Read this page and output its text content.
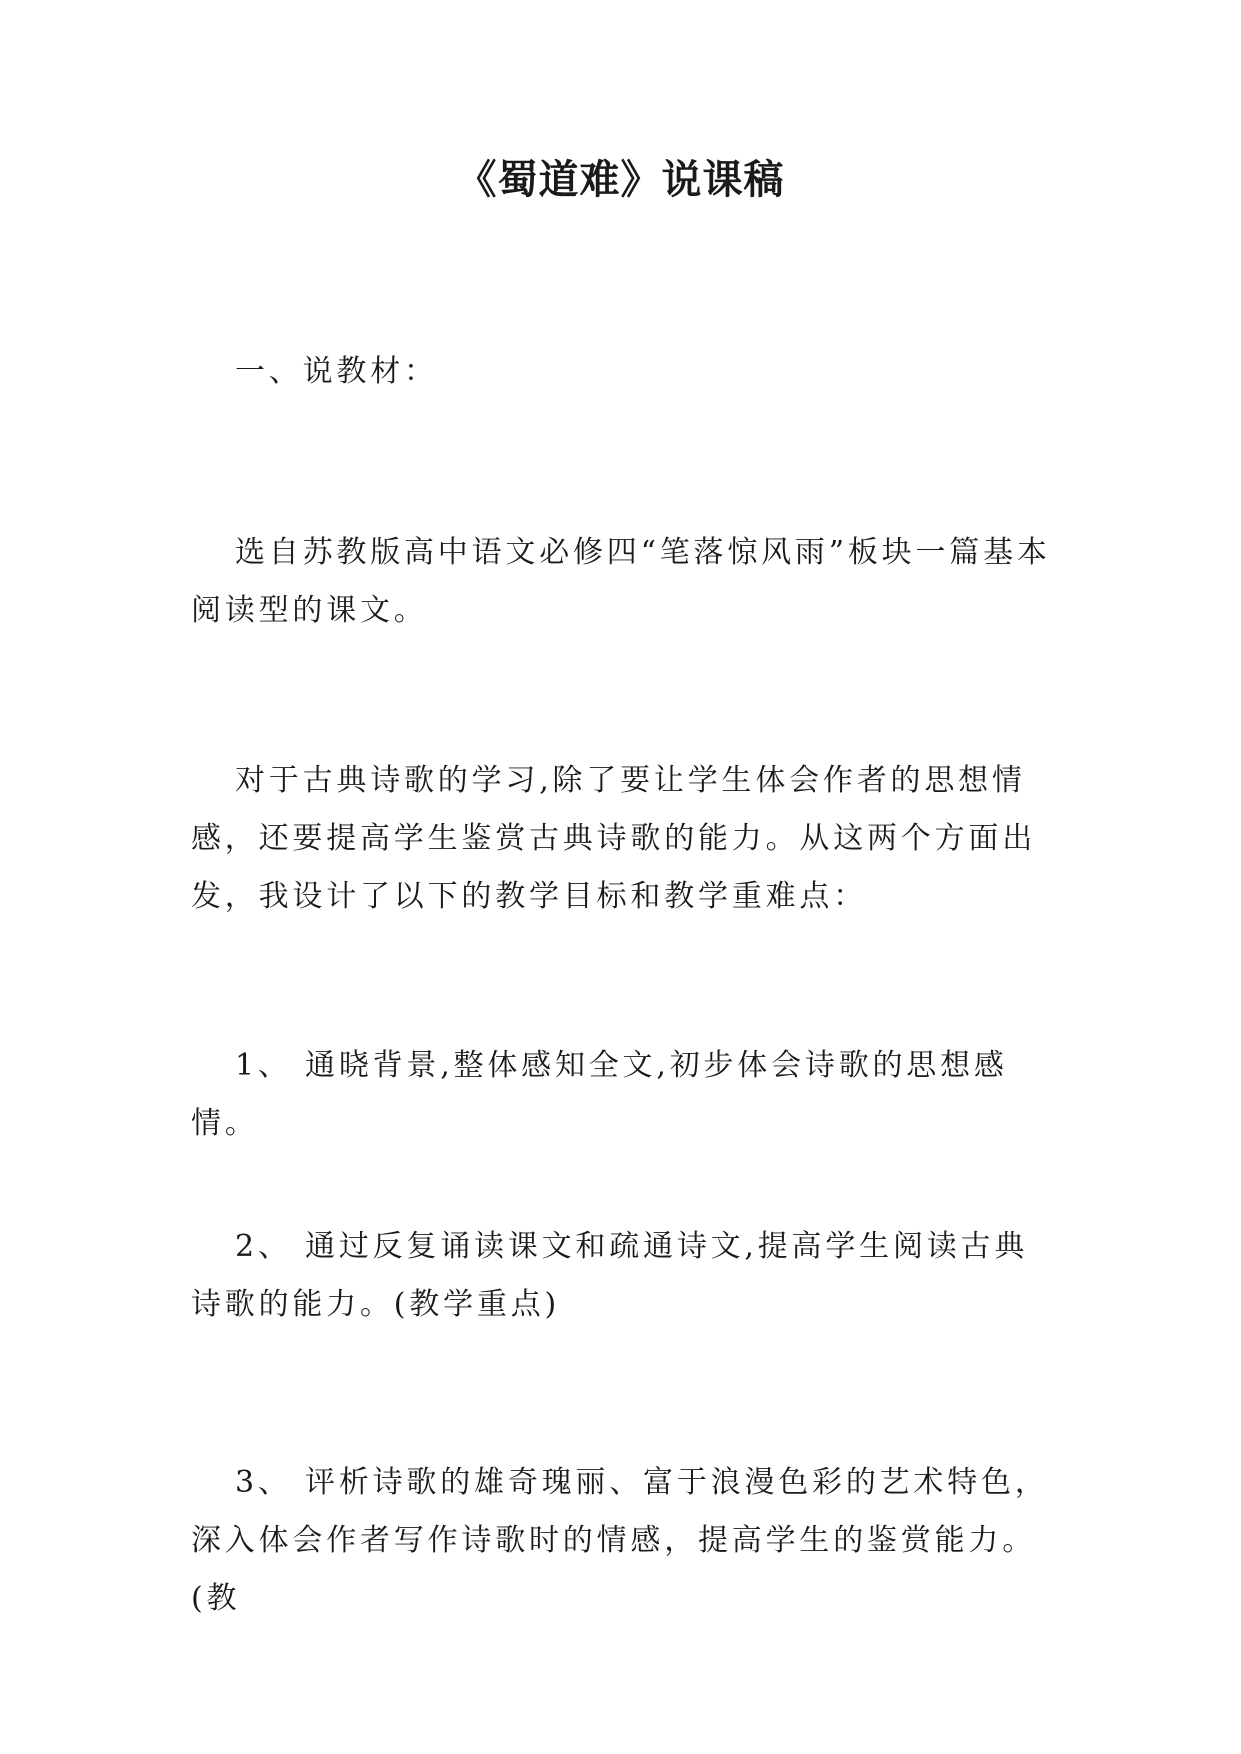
《蜀道难》说课稿

一、说教材：

选自苏教版高中语文必修四“笔落惊风雨”板块一篇基本阅读型的课文。

对于古典诗歌的学习,除了要让学生体会作者的思想情感，还要提高学生鉴赏古典诗歌的能力。从这两个方面出发，我设计了以下的教学目标和教学重难点：

1、 通晓背景,整体感知全文,初步体会诗歌的思想感情。

2、 通过反复诵读课文和疏通诗文,提高学生阅读古典诗歌的能力。(教学重点)

3、 评析诗歌的雄奇瑰丽、富于浪漫色彩的艺术特色，深入体会作者写作诗歌时的情感，提高学生的鉴赏能力。(教
